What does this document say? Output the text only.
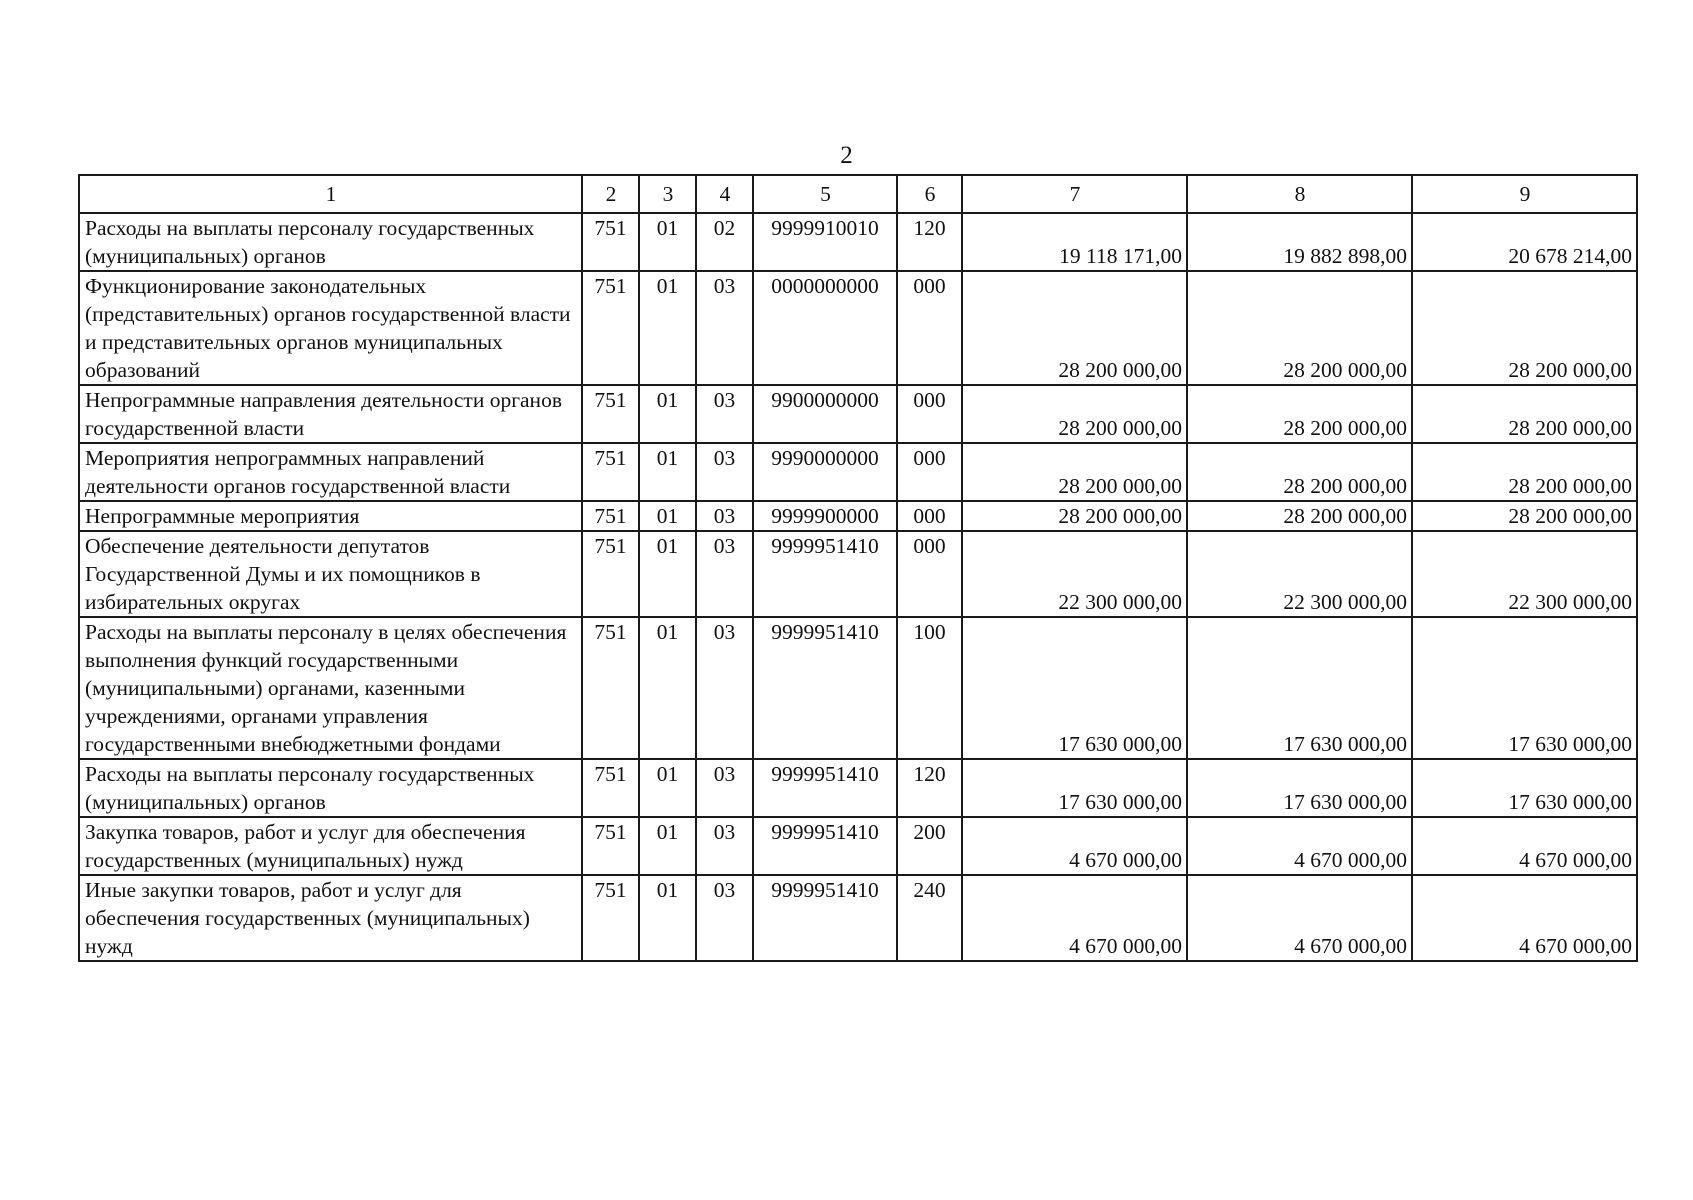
2
1	2	3	4	5	6	7	8	9
Расходы на выплаты персоналу государственных (муниципальных) органов	751	01	02	9999910010	120	19 118 171,00	19 882 898,00	20 678 214,00
Функционирование законодательных (представительных) органов государственной власти и представительных органов муниципальных образований	751	01	03	0000000000	000	28 200 000,00	28 200 000,00	28 200 000,00
Непрограммные направления деятельности органов государственной власти	751	01	03	9900000000	000	28 200 000,00	28 200 000,00	28 200 000,00
Мероприятия непрограммных направлений деятельности органов государственной власти	751	01	03	9990000000	000	28 200 000,00	28 200 000,00	28 200 000,00
Непрограммные мероприятия	751	01	03	9999900000	000	28 200 000,00	28 200 000,00	28 200 000,00
Обеспечение деятельности депутатов Государственной Думы и их помощников в избирательных округах	751	01	03	9999951410	000	22 300 000,00	22 300 000,00	22 300 000,00
Расходы на выплаты персоналу в целях обеспечения выполнения функций государственными (муниципальными) органами, казенными учреждениями, органами управления государственными внебюджетными фондами	751	01	03	9999951410	100	17 630 000,00	17 630 000,00	17 630 000,00
Расходы на выплаты персоналу государственных (муниципальных) органов	751	01	03	9999951410	120	17 630 000,00	17 630 000,00	17 630 000,00
Закупка товаров, работ и услуг для обеспечения государственных (муниципальных) нужд	751	01	03	9999951410	200	4 670 000,00	4 670 000,00	4 670 000,00
Иные закупки товаров, работ и услуг для обеспечения государственных (муниципальных) нужд	751	01	03	9999951410	240	4 670 000,00	4 670 000,00	4 670 000,00
